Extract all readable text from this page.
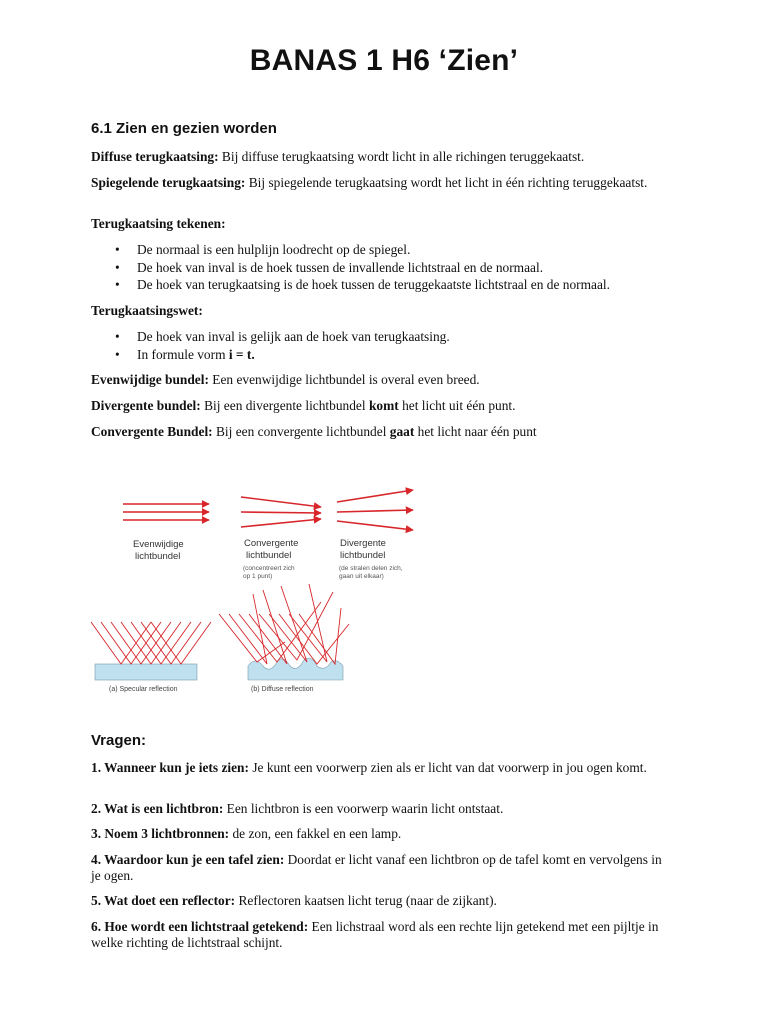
BANAS 1 H6 ‘Zien’
6.1 Zien en gezien worden
Diffuse terugkaatsing: Bij diffuse terugkaatsing wordt licht in alle richingen teruggekaatst.
Spiegelende terugkaatsing: Bij spiegelende terugkaatsing wordt het licht in één richting teruggekaatst.
Terugkaatsing tekenen:
• De normaal is een hulplijn loodrecht op de spiegel.
• De hoek van inval is de hoek tussen de invallende lichtstraal en de normaal.
• De hoek van terugkaatsing is de hoek tussen de teruggekaatste lichtstraal en de normaal.
Terugkaatsingswet:
• De hoek van inval is gelijk aan de hoek van terugkaatsing.
• In formule vorm i = t.
Evenwijdige bundel: Een evenwijdige lichtbundel is overal even breed.
Divergente bundel: Bij een divergente lichtbundel komt het licht uit één punt.
Convergente Bundel: Bij een convergente lichtbundel gaat het licht naar één punt
Evenwijdige
lichtbundel
Convergente
lichtbundel
(concentreert zich
op 1 punt)
Divergente
lichtbundel
(de stralen delen zich,
gaan uit elkaar)
(a) Specular reflection	(b) Diffuse reflection
Vragen:
1. Wanneer kun je iets zien: Je kunt een voorwerp zien als er licht van dat voorwerp in jou ogen komt.
2. Wat is een lichtbron: Een lichtbron is een voorwerp waarin licht ontstaat.
3. Noem 3 lichtbronnen: de zon, een fakkel en een lamp.
4. Waardoor kun je een tafel zien: Doordat er licht vanaf een lichtbron op de tafel komt en vervolgens in je ogen.
5. Wat doet een reflector: Reflectoren kaatsen licht terug (naar de zijkant).
6. Hoe wordt een lichtstraal getekend: Een lichstraal word als een rechte lijn getekend met een pijltje in welke richting de lichtstraal schijnt.
